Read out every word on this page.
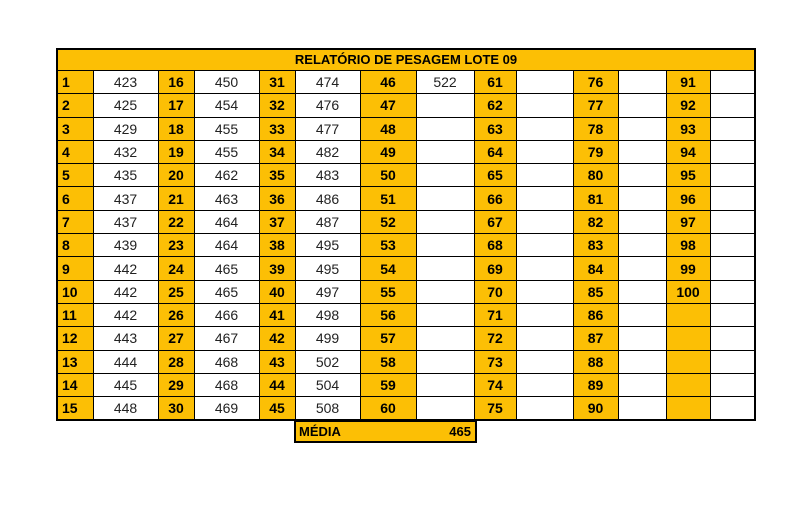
RELATÓRIO DE PESAGEM LOTE 09													
1	423	16	450	31	474	46	522	61		76		91	
2	425	17	454	32	476	47		62		77		92	
3	429	18	455	33	477	48		63		78		93	
4	432	19	455	34	482	49		64		79		94	
5	435	20	462	35	483	50		65		80		95	
6	437	21	463	36	486	51		66		81		96	
7	437	22	464	37	487	52		67		82		97	
8	439	23	464	38	495	53		68		83		98	
9	442	24	465	39	495	54		69		84		99	
10	442	25	465	40	497	55		70		85		100	
11	442	26	466	41	498	56		71		86			
12	443	27	467	42	499	57		72		87			
13	444	28	468	43	502	58		73		88			
14	445	29	468	44	504	59		74		89			
15	448	30	469	45	508	60		75		90			
MÉDIA	465
